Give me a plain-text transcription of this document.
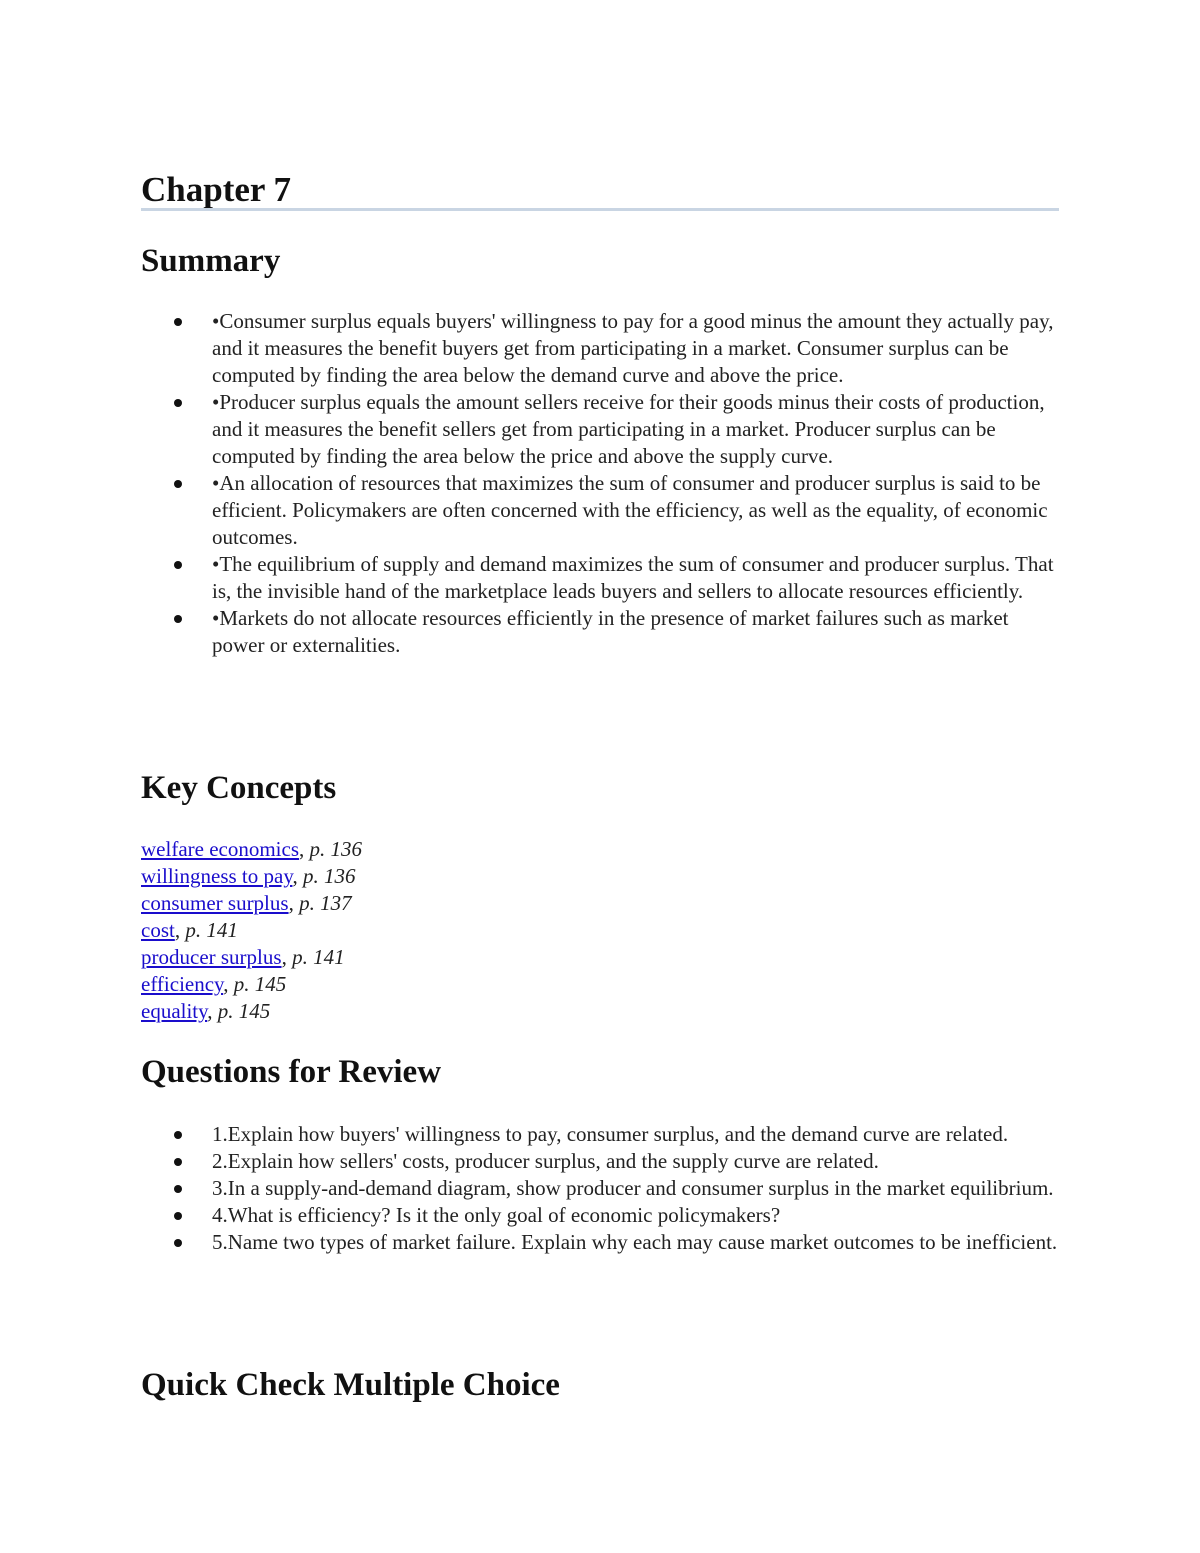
Chapter 7
Summary
•Consumer surplus equals buyers' willingness to pay for a good minus the amount they actually pay, and it measures the benefit buyers get from participating in a market. Consumer surplus can be computed by finding the area below the demand curve and above the price.
•Producer surplus equals the amount sellers receive for their goods minus their costs of production, and it measures the benefit sellers get from participating in a market. Producer surplus can be computed by finding the area below the price and above the supply curve.
•An allocation of resources that maximizes the sum of consumer and producer surplus is said to be efficient. Policymakers are often concerned with the efficiency, as well as the equality, of economic outcomes.
•The equilibrium of supply and demand maximizes the sum of consumer and producer surplus. That is, the invisible hand of the marketplace leads buyers and sellers to allocate resources efficiently.
•Markets do not allocate resources efficiently in the presence of market failures such as market power or externalities.
Key Concepts
welfare economics, p. 136
willingness to pay, p. 136
consumer surplus, p. 137
cost, p. 141
producer surplus, p. 141
efficiency, p. 145
equality, p. 145
Questions for Review
1.Explain how buyers' willingness to pay, consumer surplus, and the demand curve are related.
2.Explain how sellers' costs, producer surplus, and the supply curve are related.
3.In a supply-and-demand diagram, show producer and consumer surplus in the market equilibrium.
4.What is efficiency? Is it the only goal of economic policymakers?
5.Name two types of market failure. Explain why each may cause market outcomes to be inefficient.
Quick Check Multiple Choice
